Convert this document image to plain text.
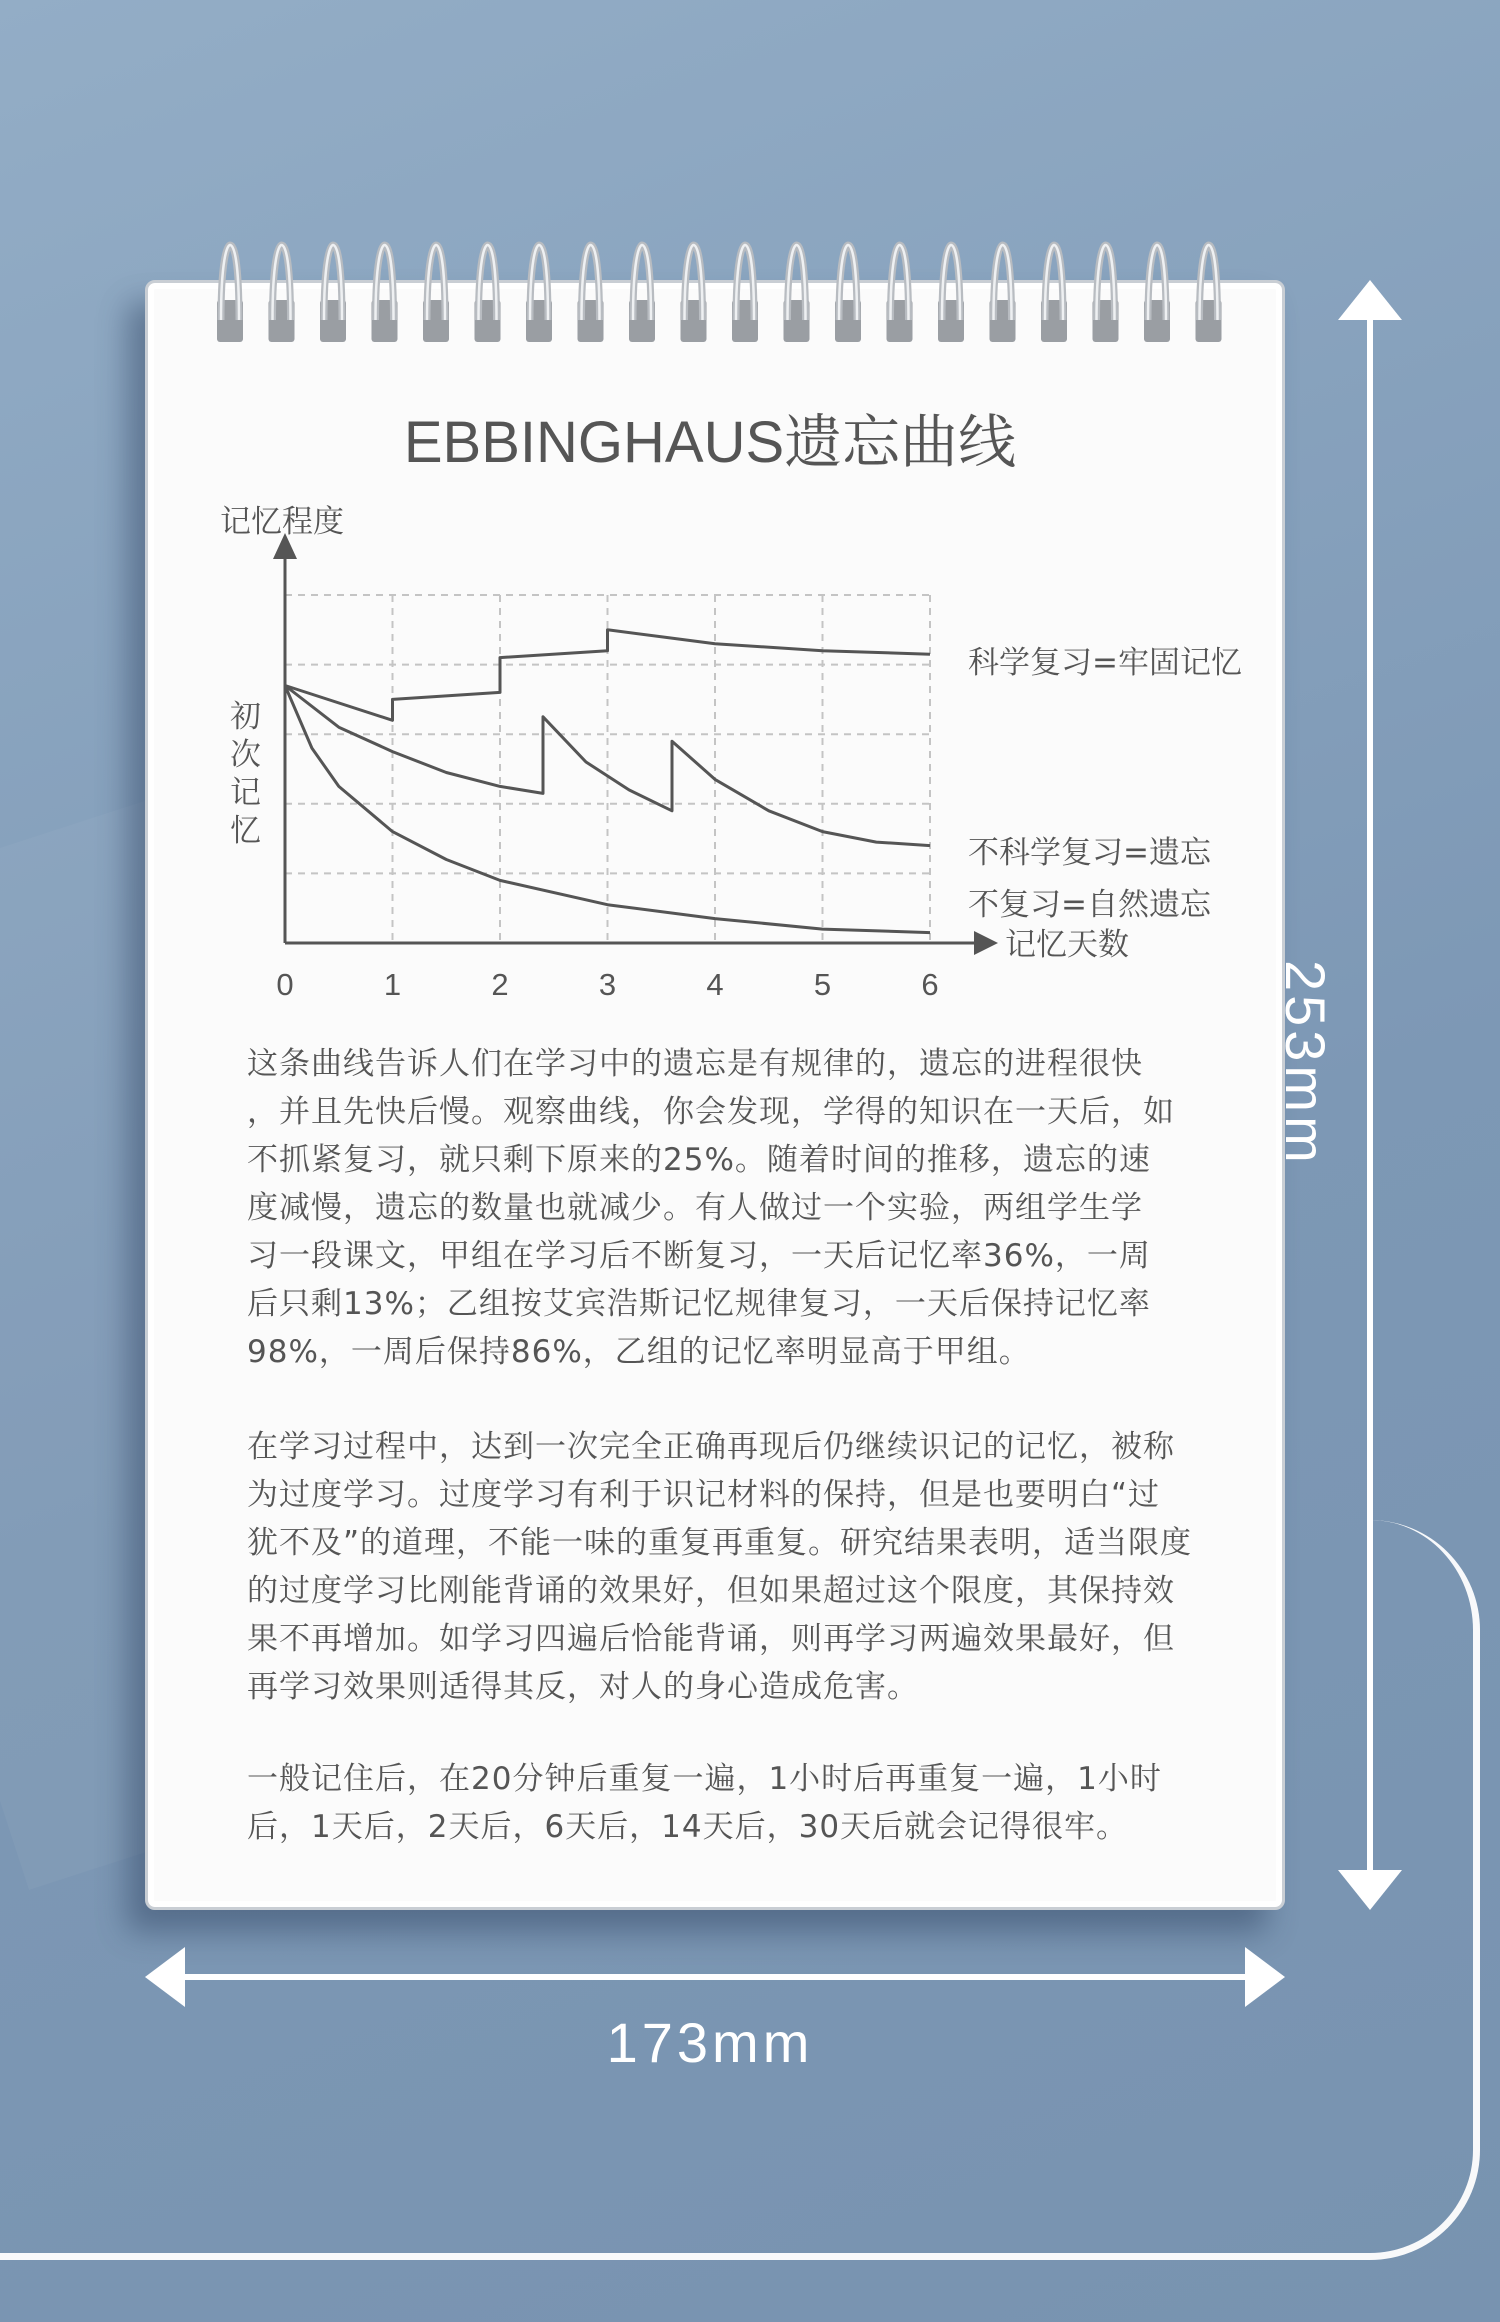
EBBINGHAUS遗忘曲线
记忆程度
记忆天数
初
次
记
忆
0	1	2	3	4	5	6
科学复习=牢固记忆
不科学复习=遗忘
不复习=自然遗忘
这条曲线告诉人们在学习中的遗忘是有规律的，遗忘的进程很快
，并且先快后慢。观察曲线，你会发现，学得的知识在一天后，如
不抓紧复习，就只剩下原来的25%。随着时间的推移，遗忘的速
度减慢，遗忘的数量也就减少。有人做过一个实验，两组学生学
习一段课文，甲组在学习后不断复习，一天后记忆率36%，一周
后只剩13%；乙组按艾宾浩斯记忆规律复习，一天后保持记忆率
98%，一周后保持86%，乙组的记忆率明显高于甲组。
在学习过程中，达到一次完全正确再现后仍继续识记的记忆，被称
为过度学习。过度学习有利于识记材料的保持，但是也要明白“过
犹不及”的道理，不能一味的重复再重复。研究结果表明，适当限度
的过度学习比刚能背诵的效果好，但如果超过这个限度，其保持效
果不再增加。如学习四遍后恰能背诵，则再学习两遍效果最好，但
再学习效果则适得其反，对人的身心造成危害。
一般记住后，在20分钟后重复一遍，1小时后再重复一遍，1小时
后，1天后，2天后，6天后，14天后，30天后就会记得很牢。
253mm
173mm
